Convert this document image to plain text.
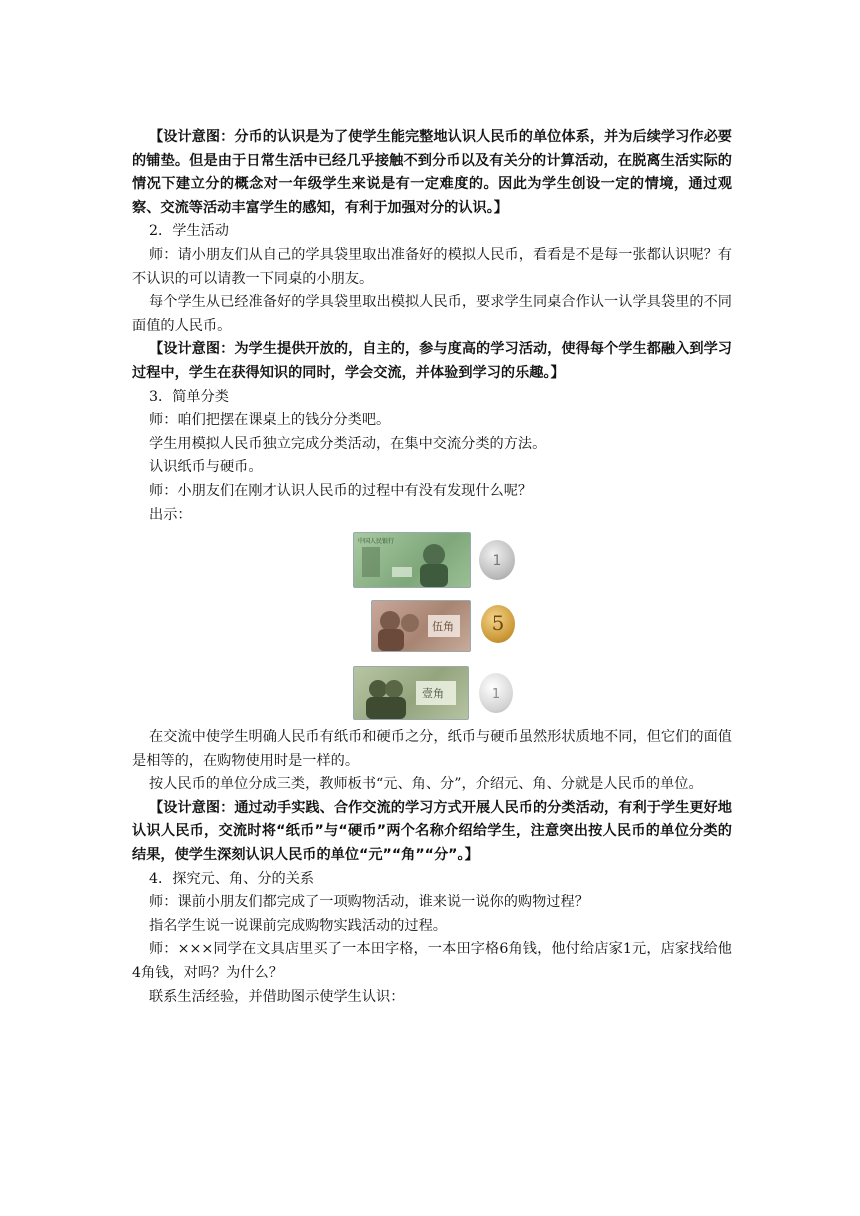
【设计意图：分币的认识是为了使学生能完整地认识人民币的单位体系，并为后续学习作必要的铺垫。但是由于日常生活中已经几乎接触不到分币以及有关分的计算活动，在脱离生活实际的情况下建立分的概念对一年级学生来说是有一定难度的。因此为学生创设一定的情境，通过观察、交流等活动丰富学生的感知，有利于加强对分的认识。】

2．学生活动

师：请小朋友们从自己的学具袋里取出准备好的模拟人民币，看看是不是每一张都认识呢？有不认识的可以请教一下同桌的小朋友。

每个学生从已经准备好的学具袋里取出模拟人民币，要求学生同桌合作认一认学具袋里的不同面值的人民币。

【设计意图：为学生提供开放的，自主的，参与度高的学习活动，使得每个学生都融入到学习过程中，学生在获得知识的同时，学会交流，并体验到学习的乐趣。】

3．简单分类

师：咱们把摆在课桌上的钱分分类吧。

学生用模拟人民币独立完成分类活动，在集中交流分类的方法。

认识纸币与硬币。

师：小朋友们在刚才认识人民币的过程中有没有发现什么呢？

出示：

中国人民银行
1
伍角	5
壹角	1

在交流中使学生明确人民币有纸币和硬币之分，纸币与硬币虽然形状质地不同，但它们的面值是相等的，在购物使用时是一样的。

按人民币的单位分成三类，教师板书“元、角、分”，介绍元、角、分就是人民币的单位。

【设计意图：通过动手实践、合作交流的学习方式开展人民币的分类活动，有利于学生更好地认识人民币，交流时将“纸币”与“硬币”两个名称介绍给学生，注意突出按人民币的单位分类的结果，使学生深刻认识人民币的单位“元”“角”“分”。】

4．探究元、角、分的关系

师：课前小朋友们都完成了一项购物活动，谁来说一说你的购物过程？

指名学生说一说课前完成购物实践活动的过程。

师：×××同学在文具店里买了一本田字格，一本田字格6角钱，他付给店家1元，店家找给他4角钱，对吗？为什么？

联系生活经验，并借助图示使学生认识：
